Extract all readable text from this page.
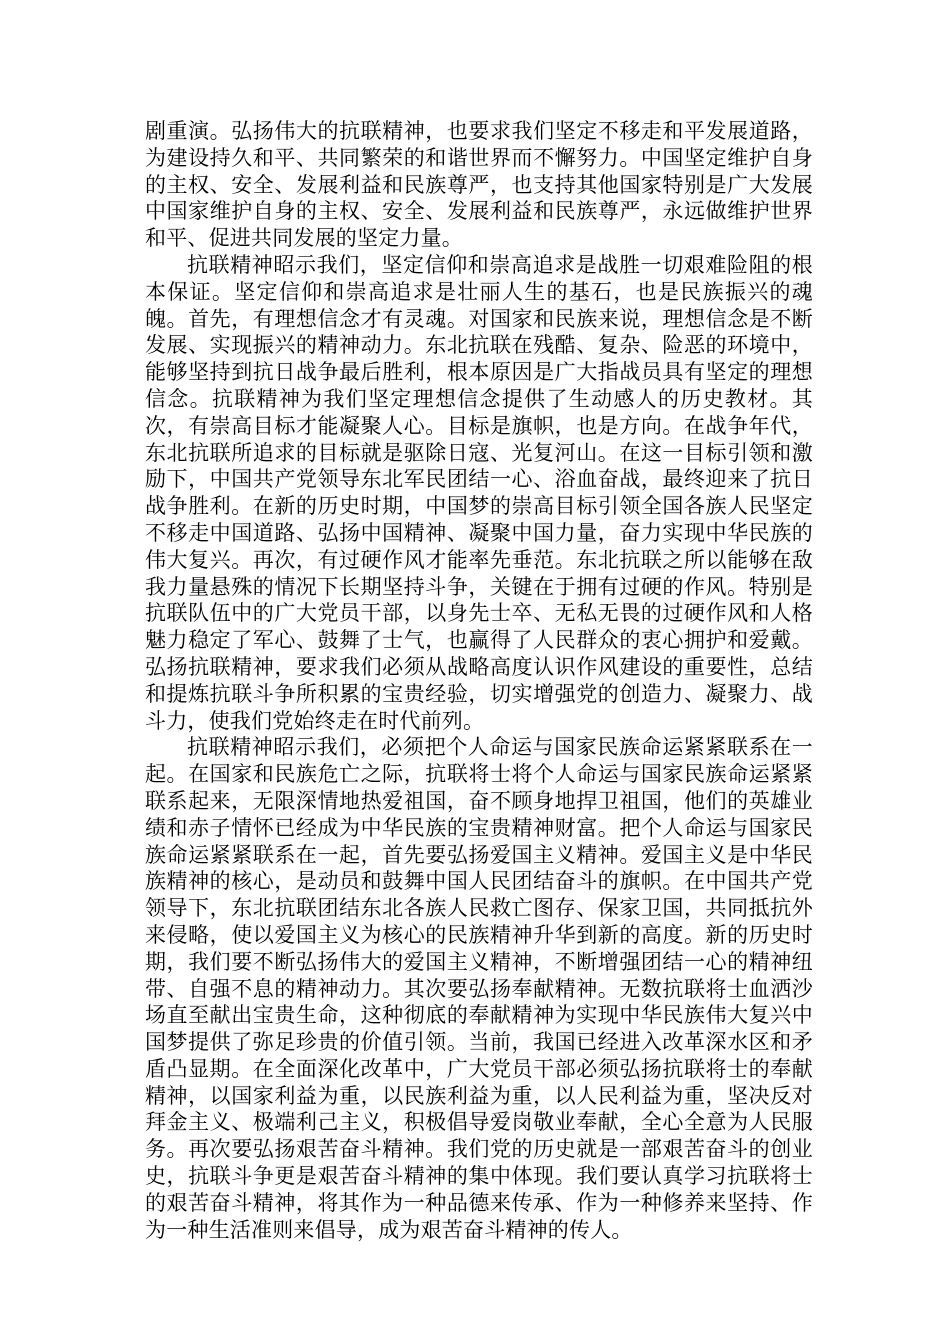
剧重演。弘扬伟大的抗联精神，也要求我们坚定不移走和平发展道路，为建设持久和平、共同繁荣的和谐世界而不懈努力。中国坚定维护自身的主权、安全、发展利益和民族尊严，也支持其他国家特别是广大发展中国家维护自身的主权、安全、发展利益和民族尊严，永远做维护世界和平、促进共同发展的坚定力量。

抗联精神昭示我们，坚定信仰和崇高追求是战胜一切艰难险阻的根本保证。坚定信仰和崇高追求是壮丽人生的基石，也是民族振兴的魂魄。首先，有理想信念才有灵魂。对国家和民族来说，理想信念是不断发展、实现振兴的精神动力。东北抗联在残酷、复杂、险恶的环境中，能够坚持到抗日战争最后胜利，根本原因是广大指战员具有坚定的理想信念。抗联精神为我们坚定理想信念提供了生动感人的历史教材。其次，有崇高目标才能凝聚人心。目标是旗帜，也是方向。在战争年代，东北抗联所追求的目标就是驱除日寇、光复河山。在这一目标引领和激励下，中国共产党领导东北军民团结一心、浴血奋战，最终迎来了抗日战争胜利。在新的历史时期，中国梦的崇高目标引领全国各族人民坚定不移走中国道路、弘扬中国精神、凝聚中国力量，奋力实现中华民族的伟大复兴。再次，有过硬作风才能率先垂范。东北抗联之所以能够在敌我力量悬殊的情况下长期坚持斗争，关键在于拥有过硬的作风。特别是抗联队伍中的广大党员干部，以身先士卒、无私无畏的过硬作风和人格魅力稳定了军心、鼓舞了士气，也赢得了人民群众的衷心拥护和爱戴。弘扬抗联精神，要求我们必须从战略高度认识作风建设的重要性，总结和提炼抗联斗争所积累的宝贵经验，切实增强党的创造力、凝聚力、战斗力，使我们党始终走在时代前列。

抗联精神昭示我们，必须把个人命运与国家民族命运紧紧联系在一起。在国家和民族危亡之际，抗联将士将个人命运与国家民族命运紧紧联系起来，无限深情地热爱祖国，奋不顾身地捍卫祖国，他们的英雄业绩和赤子情怀已经成为中华民族的宝贵精神财富。把个人命运与国家民族命运紧紧联系在一起，首先要弘扬爱国主义精神。爱国主义是中华民族精神的核心，是动员和鼓舞中国人民团结奋斗的旗帜。在中国共产党领导下，东北抗联团结东北各族人民救亡图存、保家卫国，共同抵抗外来侵略，使以爱国主义为核心的民族精神升华到新的高度。新的历史时期，我们要不断弘扬伟大的爱国主义精神，不断增强团结一心的精神纽带、自强不息的精神动力。其次要弘扬奉献精神。无数抗联将士血洒沙场直至献出宝贵生命，这种彻底的奉献精神为实现中华民族伟大复兴中国梦提供了弥足珍贵的价值引领。当前，我国已经进入改革深水区和矛盾凸显期。在全面深化改革中，广大党员干部必须弘扬抗联将士的奉献精神，以国家利益为重，以民族利益为重，以人民利益为重，坚决反对拜金主义、极端利己主义，积极倡导爱岗敬业奉献，全心全意为人民服务。再次要弘扬艰苦奋斗精神。我们党的历史就是一部艰苦奋斗的创业史，抗联斗争更是艰苦奋斗精神的集中体现。我们要认真学习抗联将士的艰苦奋斗精神，将其作为一种品德来传承、作为一种修养来坚持、作为一种生活准则来倡导，成为艰苦奋斗精神的传人。
